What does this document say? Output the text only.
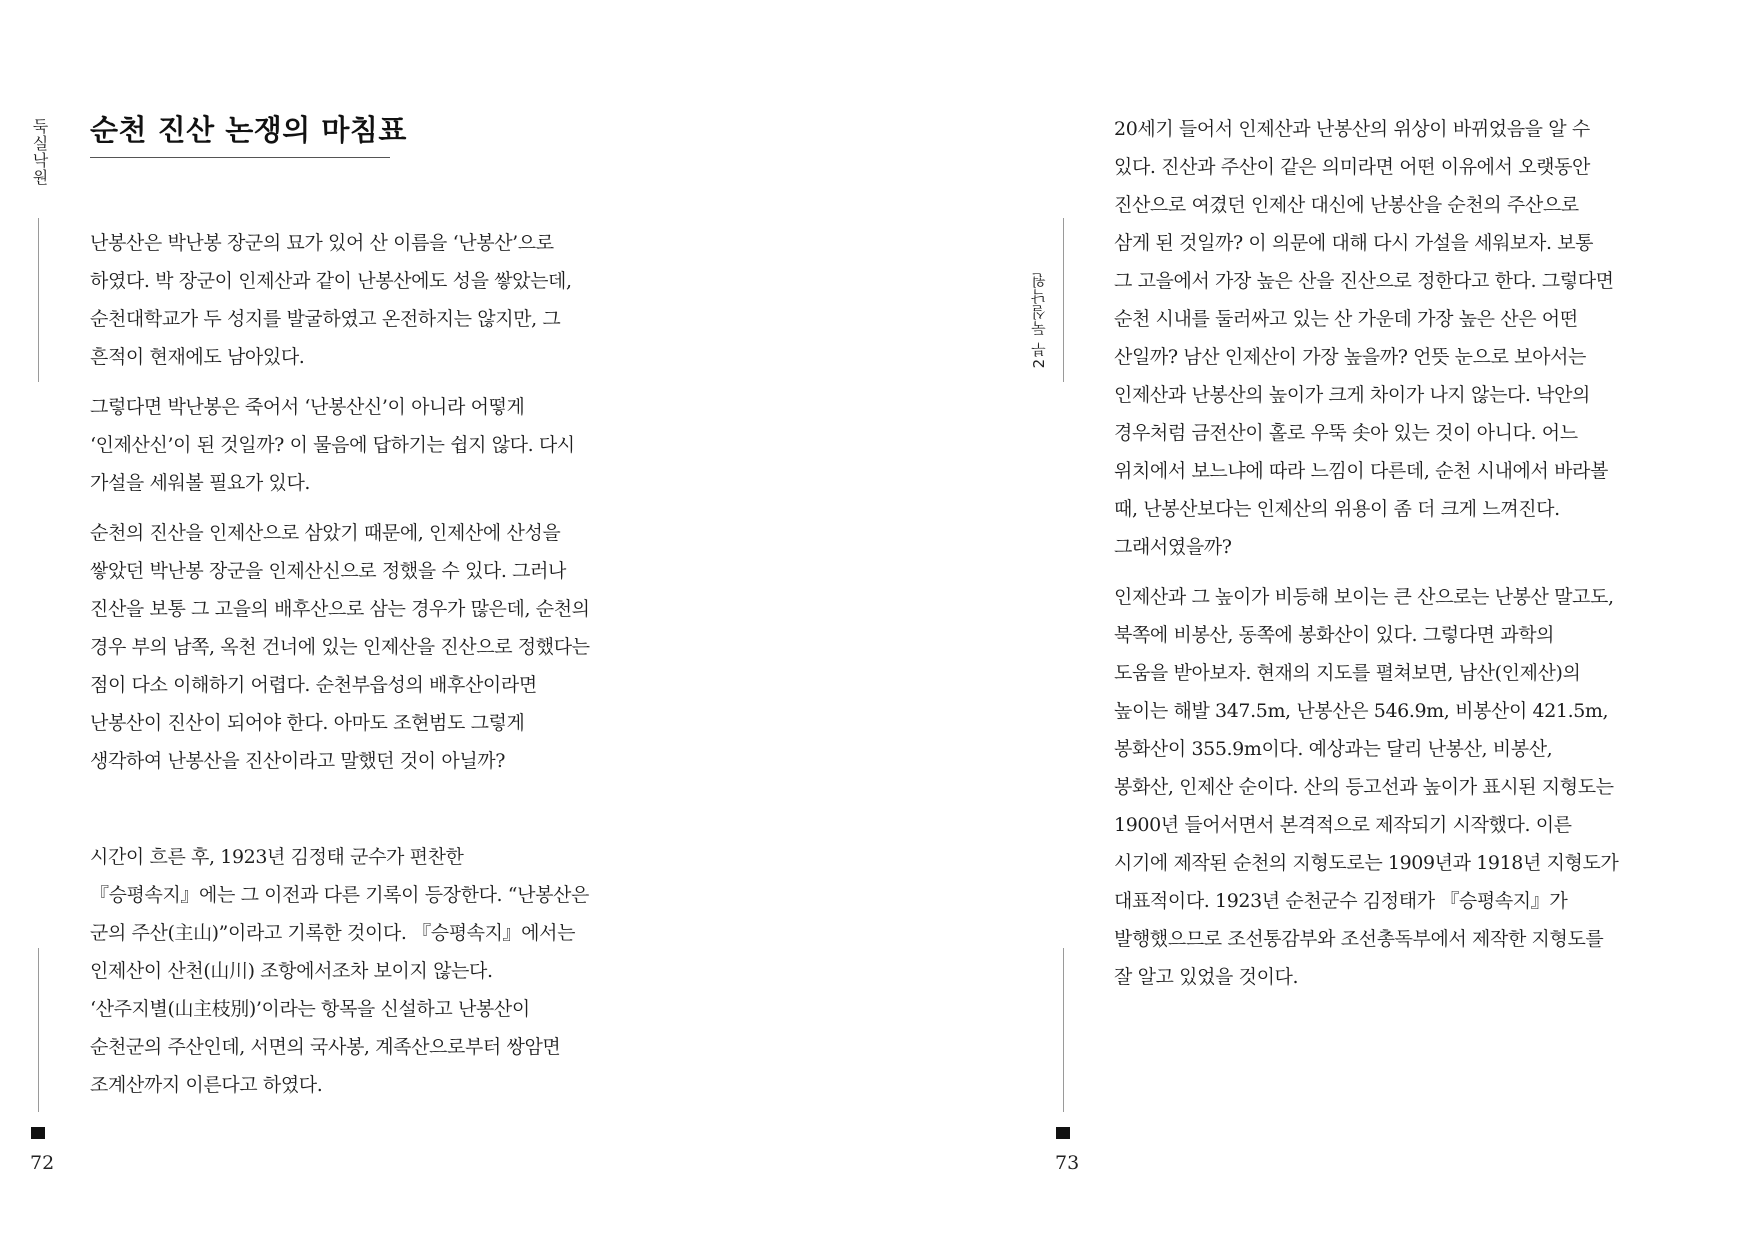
둑실낙원 순천 진산 논쟁의 마침표

난봉산은 박난봉 장군의 묘가 있어 산 이름을 ‘난봉산’으로
하였다. 박 장군이 인제산과 같이 난봉산에도 성을 쌓았는데,
순천대학교가 두 성지를 발굴하였고 온전하지는 않지만, 그
흔적이 현재에도 남아있다.

그렇다면 박난봉은 죽어서 ‘난봉산신’이 아니라 어떻게
‘인제산신’이 된 것일까? 이 물음에 답하기는 쉽지 않다. 다시
가설을 세워볼 필요가 있다.

순천의 진산을 인제산으로 삼았기 때문에, 인제산에 산성을
쌓았던 박난봉 장군을 인제산신으로 정했을 수 있다. 그러나
진산을 보통 그 고을의 배후산으로 삼는 경우가 많은데, 순천의
경우 부의 남쪽, 옥천 건너에 있는 인제산을 진산으로 정했다는
점이 다소 이해하기 어렵다. 순천부읍성의 배후산이라면
난봉산이 진산이 되어야 한다. 아마도 조현범도 그렇게
생각하여 난봉산을 진산이라고 말했던 것이 아닐까?

시간이 흐른 후, 1923년 김정태 군수가 편찬한
『승평속지』에는 그 이전과 다른 기록이 등장한다. “난봉산은
군의 주산(主山)”이라고 기록한 것이다. 『승평속지』에서는
인제산이 산천(山川) 조항에서조차 보이지 않는다.
‘산주지별(山主枝別)’이라는 항목을 신설하고 난봉산이
순천군의 주산인데, 서면의 국사봉, 계족산으로부터 쌍암면
조계산까지 이른다고 하였다.

72
2부 둑실낙원

20세기 들어서 인제산과 난봉산의 위상이 바뀌었음을 알 수
있다. 진산과 주산이 같은 의미라면 어떤 이유에서 오랫동안
진산으로 여겼던 인제산 대신에 난봉산을 순천의 주산으로
삼게 된 것일까? 이 의문에 대해 다시 가설을 세워보자. 보통
그 고을에서 가장 높은 산을 진산으로 정한다고 한다. 그렇다면
순천 시내를 둘러싸고 있는 산 가운데 가장 높은 산은 어떤
산일까? 남산 인제산이 가장 높을까? 언뜻 눈으로 보아서는
인제산과 난봉산의 높이가 크게 차이가 나지 않는다. 낙안의
경우처럼 금전산이 홀로 우뚝 솟아 있는 것이 아니다. 어느
위치에서 보느냐에 따라 느낌이 다른데, 순천 시내에서 바라볼
때, 난봉산보다는 인제산의 위용이 좀 더 크게 느껴진다.
그래서였을까?

인제산과 그 높이가 비등해 보이는 큰 산으로는 난봉산 말고도,
북쪽에 비봉산, 동쪽에 봉화산이 있다. 그렇다면 과학의
도움을 받아보자. 현재의 지도를 펼쳐보면, 남산(인제산)의
높이는 해발 347.5m, 난봉산은 546.9m, 비봉산이 421.5m,
봉화산이 355.9m이다. 예상과는 달리 난봉산, 비봉산,
봉화산, 인제산 순이다. 산의 등고선과 높이가 표시된 지형도는
1900년 들어서면서 본격적으로 제작되기 시작했다. 이른
시기에 제작된 순천의 지형도로는 1909년과 1918년 지형도가
대표적이다. 1923년 순천군수 김정태가 『승평속지』가
발행했으므로 조선통감부와 조선총독부에서 제작한 지형도를
잘 알고 있었을 것이다.

73
